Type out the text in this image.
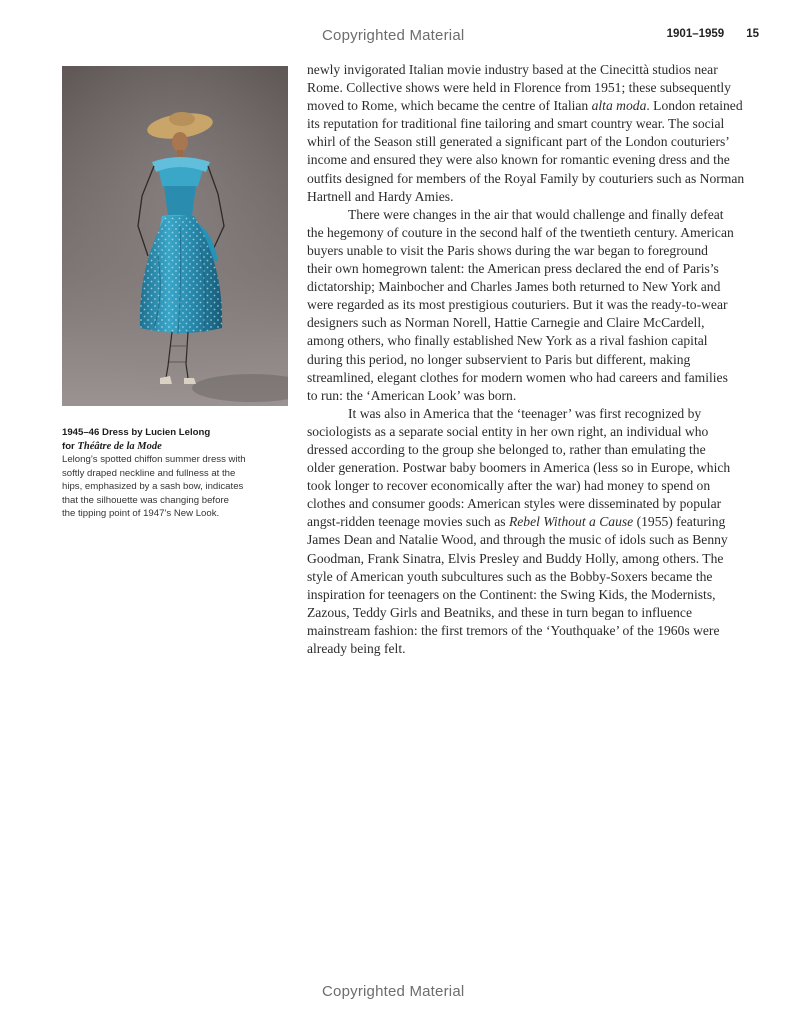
Copyrighted Material	1901–1959 15
1945–46 Dress by Lucien Lelong
for Théâtre de la Mode
Lelong’s spotted chiffon summer dress with
softly draped neckline and fullness at the
hips, emphasized by a sash bow, indicates
that the silhouette was changing before
the tipping point of 1947’s New Look.

newly invigorated Italian movie industry based at the Cinecittà studios near
Rome. Collective shows were held in Florence from 1951; these subsequently
moved to Rome, which became the centre of Italian alta moda. London retained
its reputation for traditional fine tailoring and smart country wear. The social
whirl of the Season still generated a significant part of the London couturiers’
income and ensured they were also known for romantic evening dress and the
outfits designed for members of the Royal Family by couturiers such as Norman
Hartnell and Hardy Amies.

There were changes in the air that would challenge and finally defeat
the hegemony of couture in the second half of the twentieth century. American
buyers unable to visit the Paris shows during the war began to foreground
their own homegrown talent: the American press declared the end of Paris’s
dictatorship; Mainbocher and Charles James both returned to New York and
were regarded as its most prestigious couturiers. But it was the ready-to-wear
designers such as Norman Norell, Hattie Carnegie and Claire McCardell,
among others, who finally established New York as a rival fashion capital
during this period, no longer subservient to Paris but different, making
streamlined, elegant clothes for modern women who had careers and families
to run: the ‘American Look’ was born.

It was also in America that the ‘teenager’ was first recognized by
sociologists as a separate social entity in her own right, an individual who
dressed according to the group she belonged to, rather than emulating the
older generation. Postwar baby boomers in America (less so in Europe, which
took longer to recover economically after the war) had money to spend on
clothes and consumer goods: American styles were disseminated by popular
angst-ridden teenage movies such as Rebel Without a Cause (1955) featuring
James Dean and Natalie Wood, and through the music of idols such as Benny
Goodman, Frank Sinatra, Elvis Presley and Buddy Holly, among others. The
style of American youth subcultures such as the Bobby-Soxers became the
inspiration for teenagers on the Continent: the Swing Kids, the Modernists,
Zazous, Teddy Girls and Beatniks, and these in turn began to influence
mainstream fashion: the first tremors of the ‘Youthquake’ of the 1960s were
already being felt.

Copyrighted Material
